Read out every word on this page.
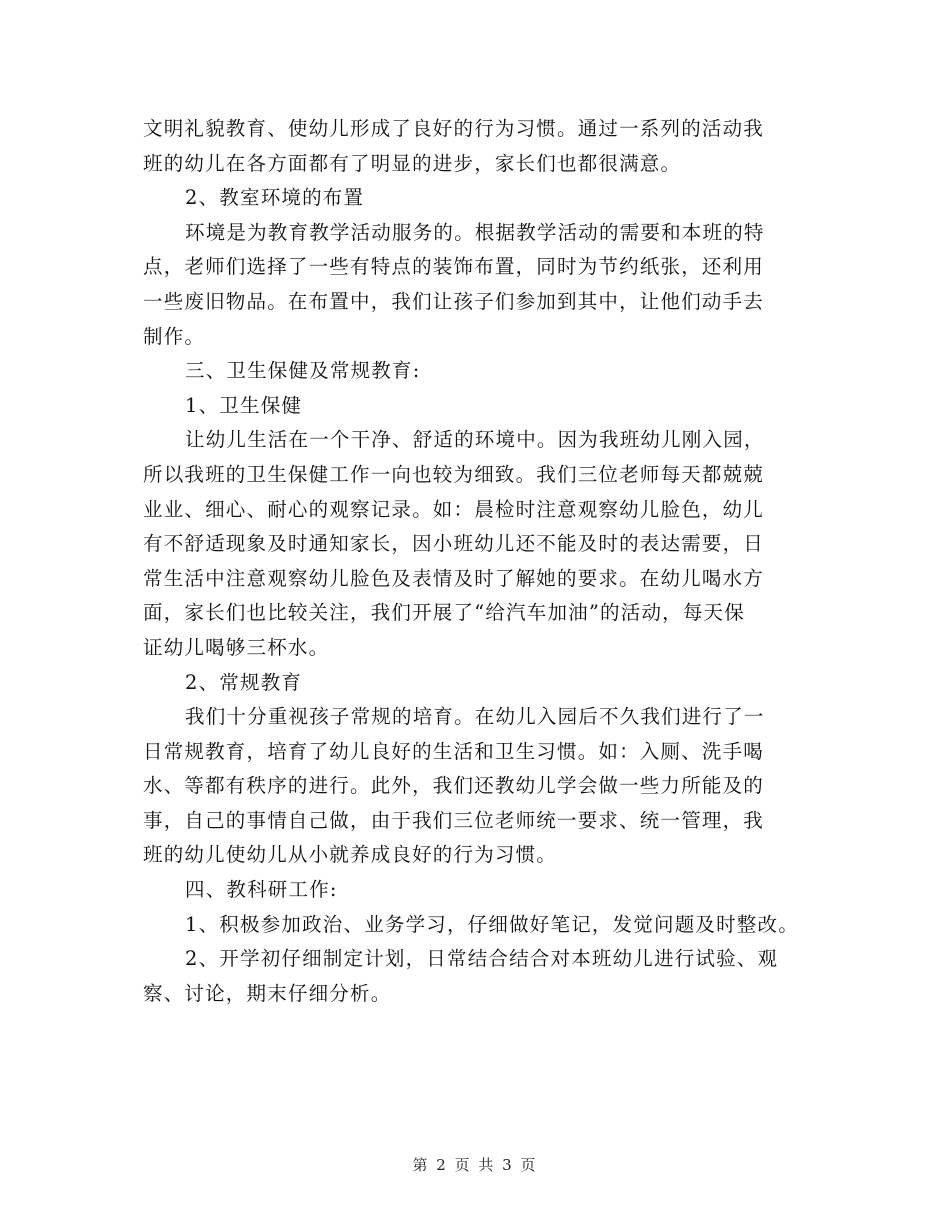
文明礼貌教育、使幼儿形成了良好的行为习惯。通过一系列的活动我
班的幼儿在各方面都有了明显的进步，家长们也都很满意。
2、教室环境的布置
环境是为教育教学活动服务的。根据教学活动的需要和本班的特
点，老师们选择了一些有特点的装饰布置，同时为节约纸张，还利用
一些废旧物品。在布置中，我们让孩子们参加到其中，让他们动手去
制作。
三、卫生保健及常规教育:
1、卫生保健
让幼儿生活在一个干净、舒适的环境中。因为我班幼儿刚入园，
所以我班的卫生保健工作一向也较为细致。我们三位老师每天都兢兢
业业、细心、耐心的观察记录。如：晨检时注意观察幼儿脸色，幼儿
有不舒适现象及时通知家长，因小班幼儿还不能及时的表达需要，日
常生活中注意观察幼儿脸色及表情及时了解她的要求。在幼儿喝水方
面，家长们也比较关注，我们开展了“给汽车加油”的活动，每天保
证幼儿喝够三杯水。
2、常规教育
我们十分重视孩子常规的培育。在幼儿入园后不久我们进行了一
日常规教育，培育了幼儿良好的生活和卫生习惯。如：入厕、洗手喝
水、等都有秩序的进行。此外，我们还教幼儿学会做一些力所能及的
事，自己的事情自己做，由于我们三位老师统一要求、统一管理，我
班的幼儿使幼儿从小就养成良好的行为习惯。
四、教科研工作:
1、积极参加政治、业务学习，仔细做好笔记，发觉问题及时整改。
2、开学初仔细制定计划，日常结合结合对本班幼儿进行试验、观
察、讨论，期末仔细分析。
第 2 页 共 3 页
